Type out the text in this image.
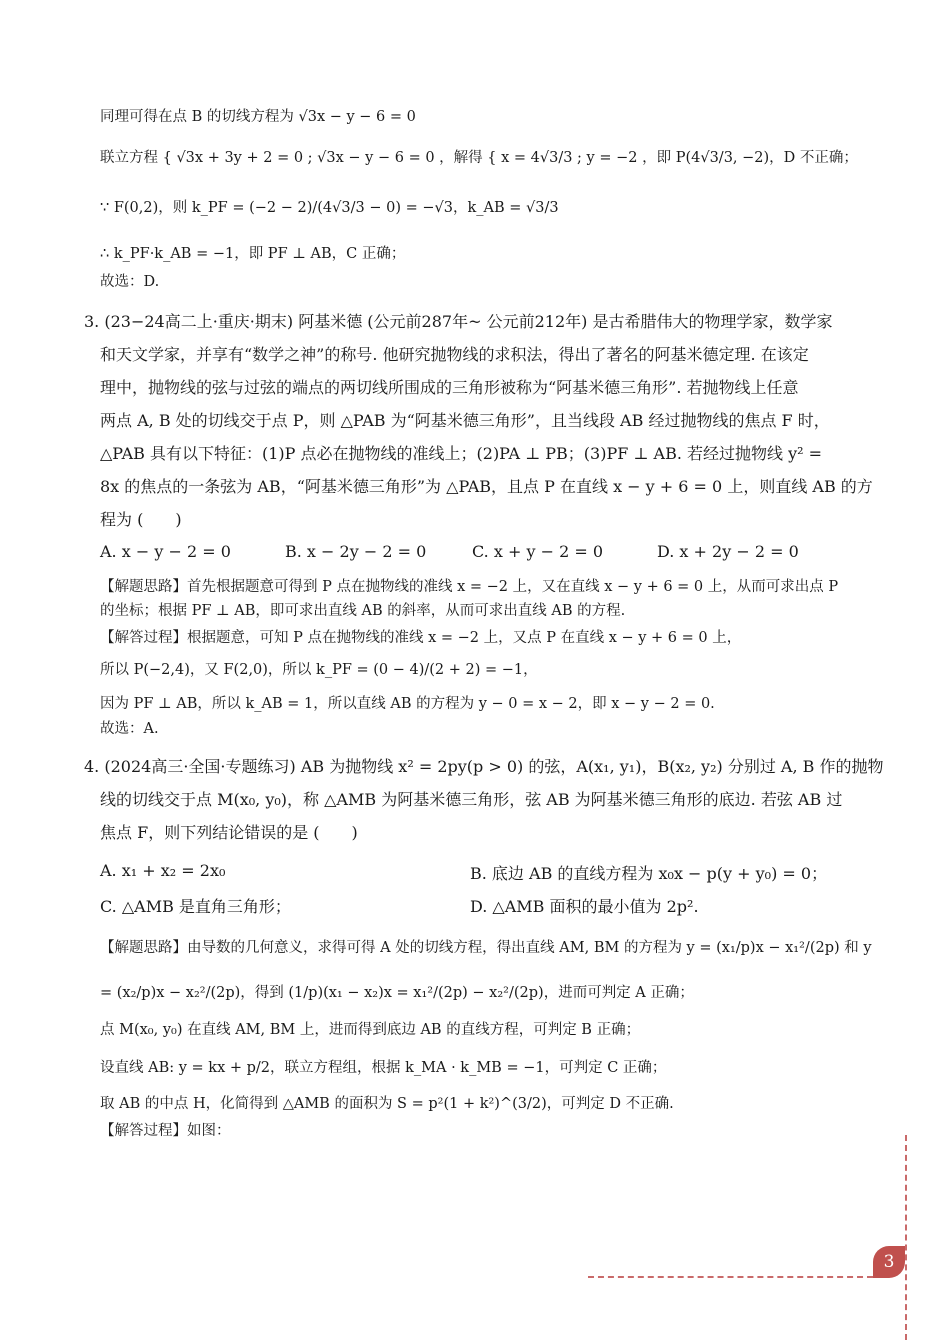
同理可得在点 B 的切线方程为 √3x − y − 6 = 0
联立方程 { √3x + 3y + 2 = 0 ; √3x − y − 6 = 0 ，解得 { x = 4√3/3 ; y = −2 ，即 P(4√3/3, −2)，D 不正确；
∵ F(0,2)，则 k_PF = (−2 − 2)/(4√3/3 − 0) = −√3，k_AB = √3/3
∴ k_PF·k_AB = −1，即 PF ⊥ AB，C 正确；
故选：D.
3. (23−24高二上·重庆·期末) 阿基米德 (公元前287年~ 公元前212年) 是古希腊伟大的物理学家，数学家
和天文学家，并享有“数学之神”的称号. 他研究抛物线的求积法，得出了著名的阿基米德定理. 在该定
理中，抛物线的弦与过弦的端点的两切线所围成的三角形被称为“阿基米德三角形”. 若抛物线上任意
两点 A, B 处的切线交于点 P，则 △PAB 为“阿基米德三角形”，且当线段 AB 经过抛物线的焦点 F 时，
△PAB 具有以下特征：(1)P 点必在抛物线的准线上；(2)PA ⊥ PB；(3)PF ⊥ AB. 若经过抛物线 y² =
8x 的焦点的一条弦为 AB，“阿基米德三角形”为 △PAB，且点 P 在直线 x − y + 6 = 0 上，则直线 AB 的方
程为 (　　)
A. x − y − 2 = 0	B. x − 2y − 2 = 0	C. x + y − 2 = 0	D. x + 2y − 2 = 0
【解题思路】首先根据题意可得到 P 点在抛物线的准线 x = −2 上，又在直线 x − y + 6 = 0 上，从而可求出点 P
的坐标；根据 PF ⊥ AB，即可求出直线 AB 的斜率，从而可求出直线 AB 的方程.
【解答过程】根据题意，可知 P 点在抛物线的准线 x = −2 上，又点 P 在直线 x − y + 6 = 0 上，
所以 P(−2,4)，又 F(2,0)，所以 k_PF = (0 − 4)/(2 + 2) = −1，
因为 PF ⊥ AB，所以 k_AB = 1，所以直线 AB 的方程为 y − 0 = x − 2，即 x − y − 2 = 0.
故选：A.
4. (2024高三·全国·专题练习) AB 为抛物线 x² = 2py(p > 0) 的弦，A(x₁, y₁)，B(x₂, y₂) 分别过 A, B 作的抛物
线的切线交于点 M(x₀, y₀)，称 △AMB 为阿基米德三角形，弦 AB 为阿基米德三角形的底边. 若弦 AB 过
焦点 F，则下列结论错误的是 (　　)
A. x₁ + x₂ = 2x₀	B. 底边 AB 的直线方程为 x₀x − p(y + y₀) = 0；
C. △AMB 是直角三角形；	D. △AMB 面积的最小值为 2p².
【解题思路】由导数的几何意义，求得可得 A 处的切线方程，得出直线 AM, BM 的方程为 y = (x₁/p)x − x₁²/(2p) 和 y
= (x₂/p)x − x₂²/(2p)，得到 (1/p)(x₁ − x₂)x = x₁²/(2p) − x₂²/(2p)，进而可判定 A 正确；
点 M(x₀, y₀) 在直线 AM, BM 上，进而得到底边 AB 的直线方程，可判定 B 正确；
设直线 AB: y = kx + p/2，联立方程组，根据 k_MA · k_MB = −1，可判定 C 正确；
取 AB 的中点 H，化简得到 △AMB 的面积为 S = p²(1 + k²)^(3/2)，可判定 D 不正确.
【解答过程】如图：
3
